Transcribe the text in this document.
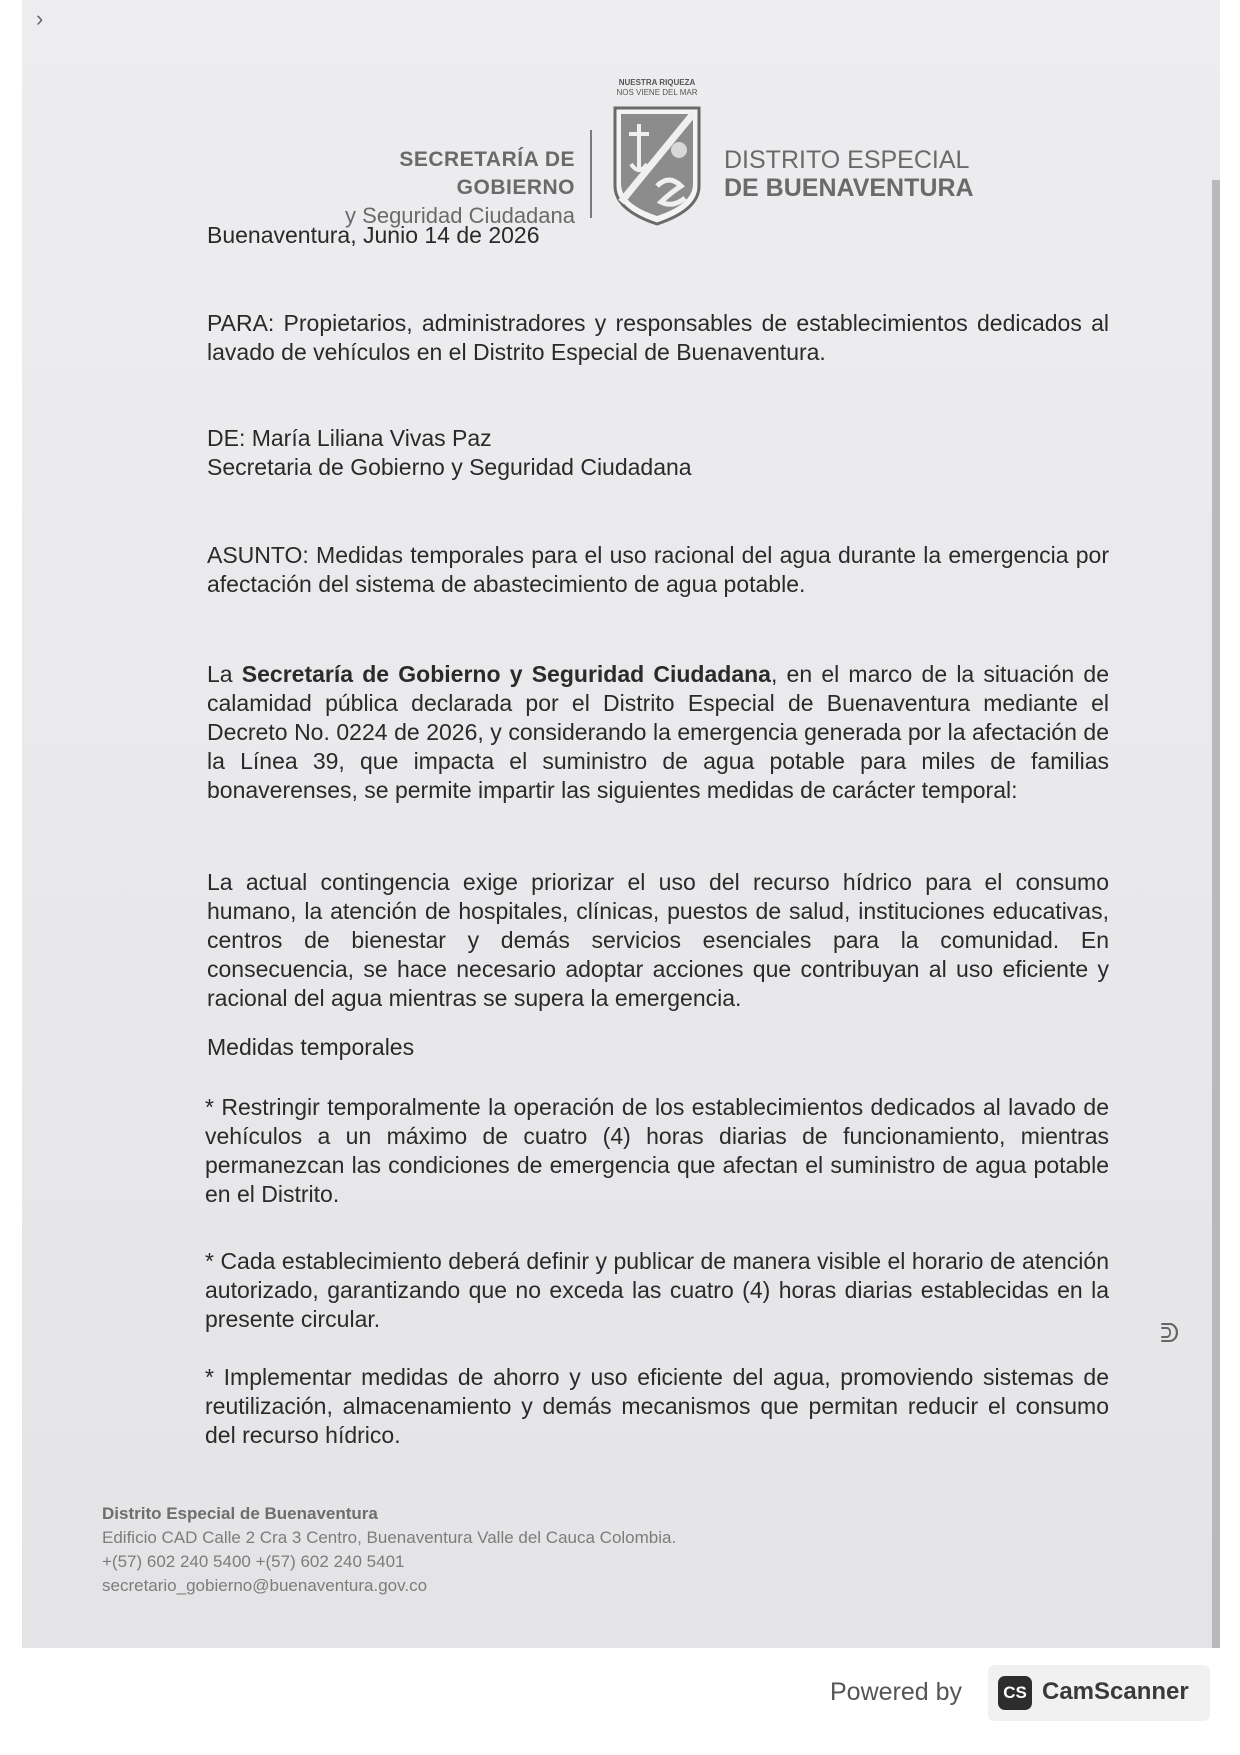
›
ᕲ
SECRETARÍA DE GOBIERNO
y Seguridad Ciudadana
NUESTRA RIQUEZA
NOS VIENE DEL MAR
DISTRITO ESPECIAL
DE BUENAVENTURA
Buenaventura, Junio 14 de 2026
PARA: Propietarios, administradores y responsables de establecimientos dedicados al lavado de vehículos en el Distrito Especial de Buenaventura.
DE: María Liliana Vivas Paz
Secretaria de Gobierno y Seguridad Ciudadana
ASUNTO: Medidas temporales para el uso racional del agua durante la emergencia por afectación del sistema de abastecimiento de agua potable.
La Secretaría de Gobierno y Seguridad Ciudadana, en el marco de la situación de calamidad pública declarada por el Distrito Especial de Buenaventura mediante el Decreto No. 0224 de 2026, y considerando la emergencia generada por la afectación de la Línea 39, que impacta el suministro de agua potable para miles de familias bonaverenses, se permite impartir las siguientes medidas de carácter temporal:
La actual contingencia exige priorizar el uso del recurso hídrico para el consumo humano, la atención de hospitales, clínicas, puestos de salud, instituciones educativas, centros de bienestar y demás servicios esenciales para la comunidad. En consecuencia, se hace necesario adoptar acciones que contribuyan al uso eficiente y racional del agua mientras se supera la emergencia.
Medidas temporales
* Restringir temporalmente la operación de los establecimientos dedicados al lavado de vehículos a un máximo de cuatro (4) horas diarias de funcionamiento, mientras permanezcan las condiciones de emergencia que afectan el suministro de agua potable en el Distrito.
* Cada establecimiento deberá definir y publicar de manera visible el horario de atención autorizado, garantizando que no exceda las cuatro (4) horas diarias establecidas en la presente circular.
* Implementar medidas de ahorro y uso eficiente del agua, promoviendo sistemas de reutilización, almacenamiento y demás mecanismos que permitan reducir el consumo del recurso hídrico.
Distrito Especial de Buenaventura
Edificio CAD Calle 2 Cra 3 Centro, Buenaventura Valle del Cauca Colombia.
+(57) 602 240 5400 +(57) 602 240 5401
secretario_gobierno@buenaventura.gov.co
Powered by	CS CamScanner
